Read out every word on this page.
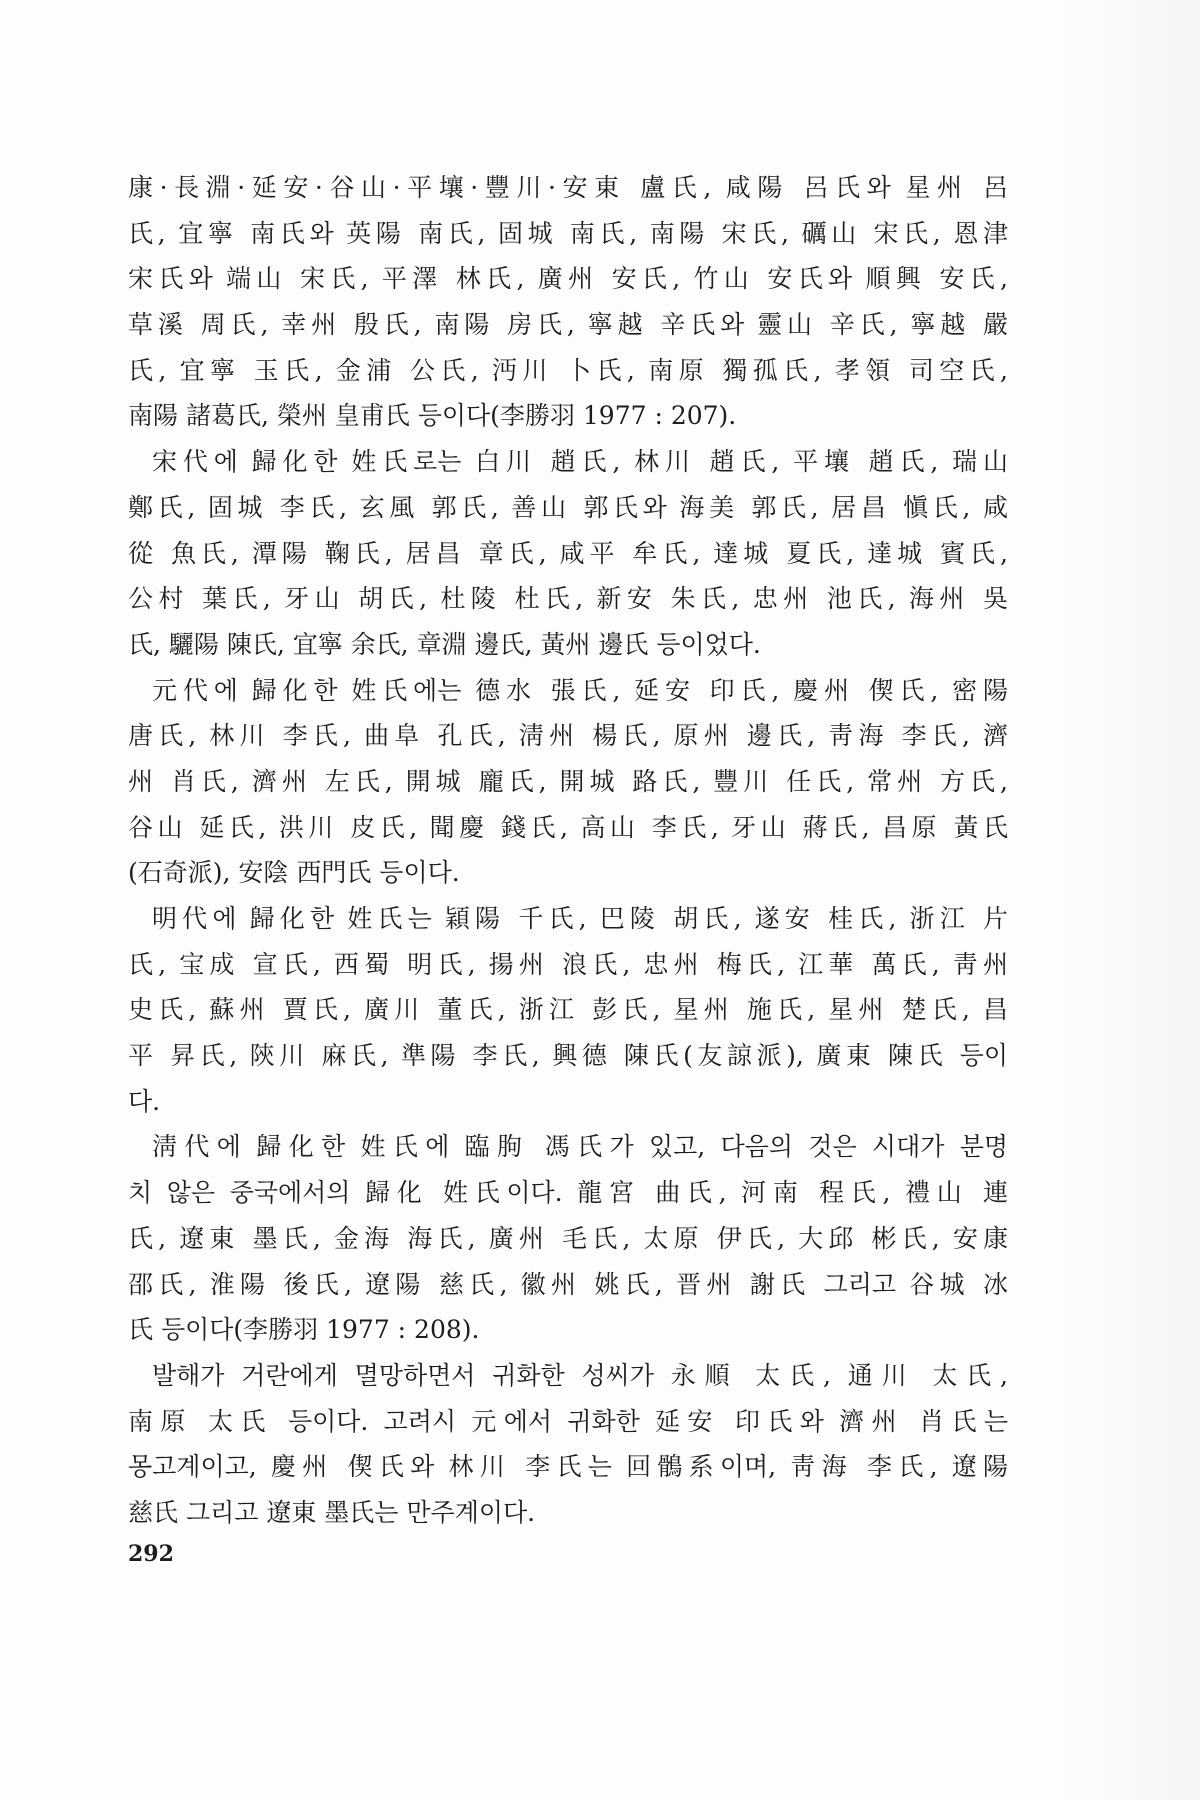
康·長淵·延安·谷山·平壤·豐川·安東 盧氏, 咸陽 呂氏와 星州 呂
氏, 宜寧 南氏와 英陽 南氏, 固城 南氏, 南陽 宋氏, 礪山 宋氏, 恩津
宋氏와 端山 宋氏, 平澤 林氏, 廣州 安氏, 竹山 安氏와 順興 安氏,
草溪 周氏, 幸州 殷氏, 南陽 房氏, 寧越 辛氏와 靈山 辛氏, 寧越 嚴
氏, 宜寧 玉氏, 金浦 公氏, 沔川 卜氏, 南原 獨孤氏, 孝領 司空氏,
南陽 諸葛氏, 榮州 皇甫氏 등이다(李勝羽 1977 : 207).
宋代에 歸化한 姓氏로는 白川 趙氏, 林川 趙氏, 平壤 趙氏, 瑞山
鄭氏, 固城 李氏, 玄風 郭氏, 善山 郭氏와 海美 郭氏, 居昌 愼氏, 咸
從 魚氏, 潭陽 鞠氏, 居昌 章氏, 咸平 牟氏, 達城 夏氏, 達城 賓氏,
公村 葉氏, 牙山 胡氏, 杜陵 杜氏, 新安 朱氏, 忠州 池氏, 海州 吳
氏, 驪陽 陳氏, 宜寧 余氏, 章淵 邊氏, 黃州 邊氏 등이었다.
元代에 歸化한 姓氏에는 德水 張氏, 延安 印氏, 慶州 偰氏, 密陽
唐氏, 林川 李氏, 曲阜 孔氏, 淸州 楊氏, 原州 邊氏, 靑海 李氏, 濟
州 肖氏, 濟州 左氏, 開城 龐氏, 開城 路氏, 豐川 任氏, 常州 方氏,
谷山 延氏, 洪川 皮氏, 聞慶 錢氏, 高山 李氏, 牙山 蔣氏, 昌原 黃氏
(石奇派), 安陰 西門氏 등이다.
明代에 歸化한 姓氏는 穎陽 千氏, 巴陵 胡氏, 遂安 桂氏, 浙江 片
氏, 宝成 宣氏, 西蜀 明氏, 揚州 浪氏, 忠州 梅氏, 江華 萬氏, 靑州
史氏, 蘇州 賈氏, 廣川 董氏, 浙江 彭氏, 星州 施氏, 星州 楚氏, 昌
平 昇氏, 陝川 麻氏, 準陽 李氏, 興德 陳氏(友諒派), 廣東 陳氏 등이
다.
淸代에 歸化한 姓氏에 臨朐 馮氏가 있고, 다음의 것은 시대가 분명
치 않은 중국에서의 歸化 姓氏이다. 龍宮 曲氏, 河南 程氏, 禮山 連
氏, 遼東 墨氏, 金海 海氏, 廣州 毛氏, 太原 伊氏, 大邱 彬氏, 安康
邵氏, 淮陽 後氏, 遼陽 慈氏, 徽州 姚氏, 晋州 謝氏 그리고 谷城 冰
氏 등이다(李勝羽 1977 : 208).
발해가 거란에게 멸망하면서 귀화한 성씨가 永順 太氏, 通川 太氏,
南原 太氏 등이다. 고려시 元에서 귀화한 延安 印氏와 濟州 肖氏는
몽고계이고, 慶州 偰氏와 林川 李氏는 回鶻系이며, 靑海 李氏, 遼陽
慈氏 그리고 遼東 墨氏는 만주계이다.
292
